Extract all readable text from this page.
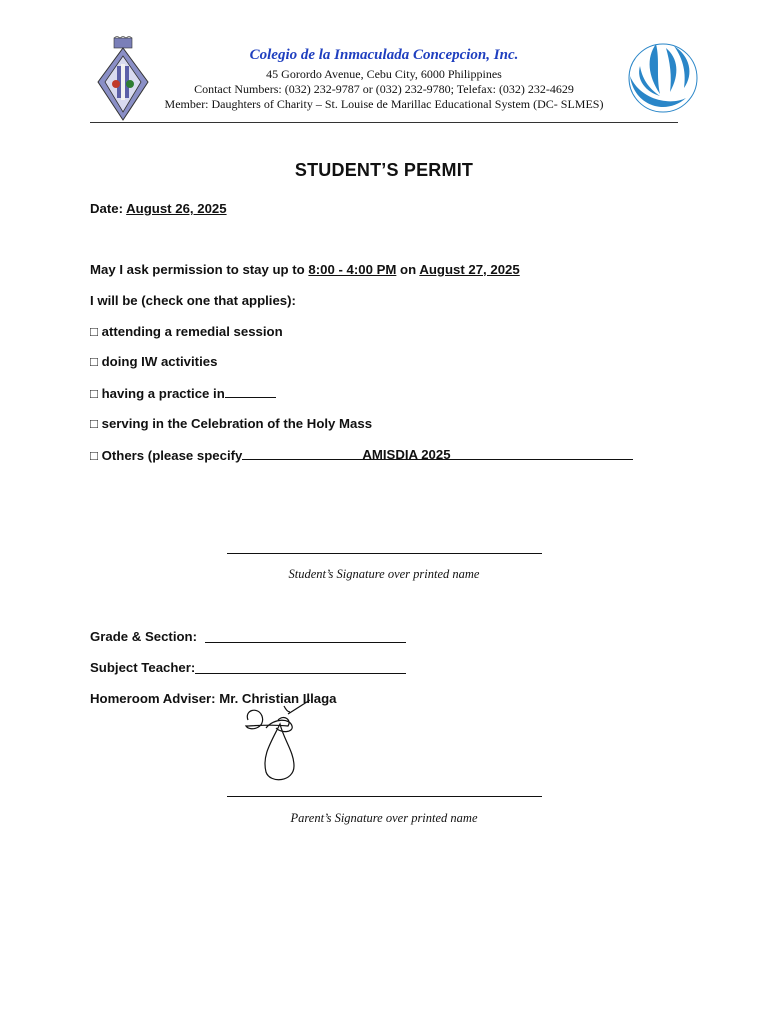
Colegio de la Inmaculada Concepcion, Inc.
45 Gorordo Avenue, Cebu City, 6000 Philippines
Contact Numbers: (032) 232-9787 or (032) 232-9780; Telefax: (032) 232-4629
Member: Daughters of Charity – St. Louise de Marillac Educational System (DC- SLMES)
STUDENT’S PERMIT
Date: August 26, 2025
May I ask permission to stay up to 8:00 - 4:00 PM on August 27, 2025
I will be (check one that applies):
□ attending a remedial session
□ doing IW activities
□ having a practice in
□ serving in the Celebration of the Holy Mass
□ Others (please specify	AMISDIA 2025
Student’s Signature over printed name
Grade & Section:
Subject Teacher:
Homeroom Adviser: Mr. Christian Illaga
Parent’s Signature over printed name
